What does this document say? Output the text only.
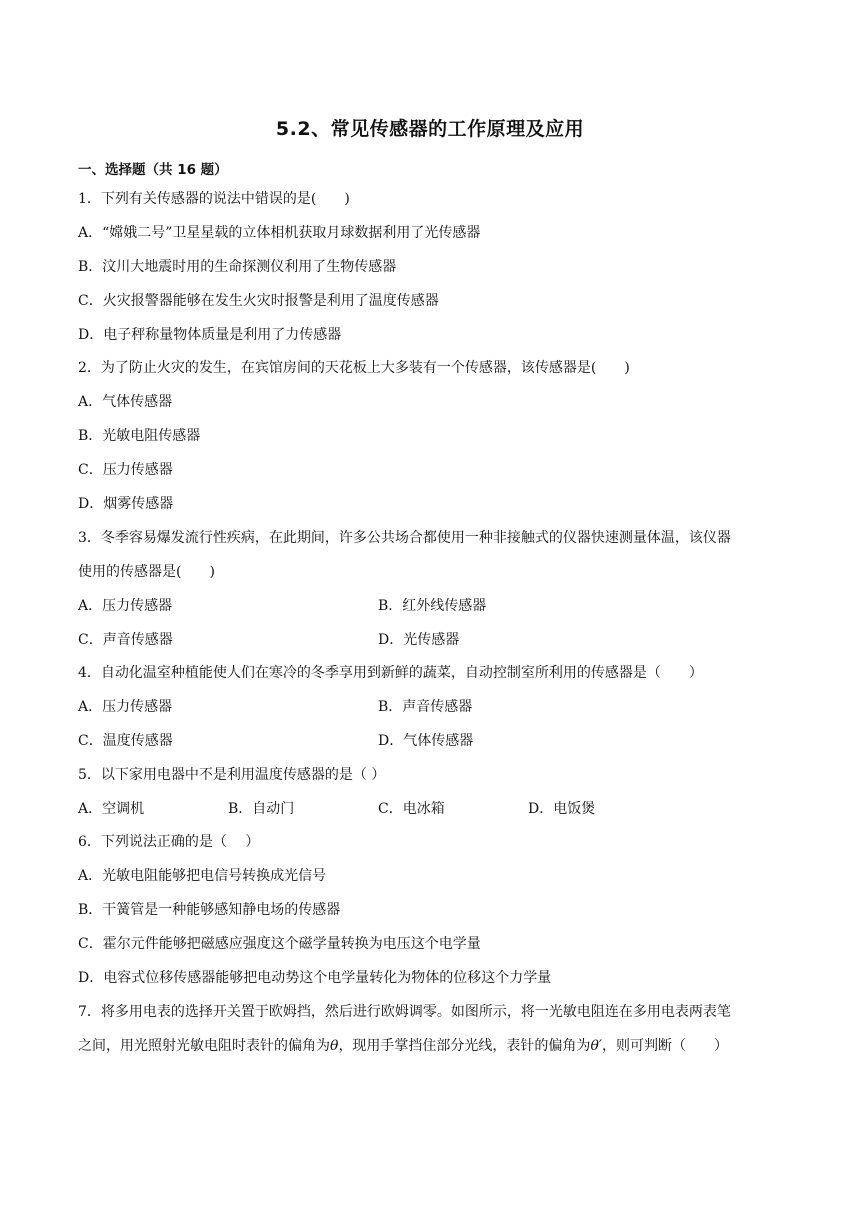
5.2、常见传感器的工作原理及应用
一、选择题（共 16 题）
1．下列有关传感器的说法中错误的是(　　)
A．“嫦娥二号”卫星星载的立体相机获取月球数据利用了光传感器
B．汶川大地震时用的生命探测仪利用了生物传感器
C．火灾报警器能够在发生火灾时报警是利用了温度传感器
D．电子秤称量物体质量是利用了力传感器
2．为了防止火灾的发生，在宾馆房间的天花板上大多装有一个传感器，该传感器是(　　)
A．气体传感器
B．光敏电阻传感器
C．压力传感器
D．烟雾传感器
3．冬季容易爆发流行性疾病，在此期间，许多公共场合都使用一种非接触式的仪器快速测量体温，该仪器
使用的传感器是(　　)
A．压力传感器	B．红外线传感器
C．声音传感器	D．光传感器
4．自动化温室种植能使人们在寒冷的冬季享用到新鲜的蔬菜，自动控制室所利用的传感器是（　　）
A．压力传感器	B．声音传感器
C．温度传感器	D．气体传感器
5．以下家用电器中不是利用温度传感器的是（ ）
A．空调机	B．自动门	C．电冰箱	D．电饭煲
6．下列说法正确的是（　 ）
A．光敏电阻能够把电信号转换成光信号
B．干簧管是一种能够感知静电场的传感器
C．霍尔元件能够把磁感应强度这个磁学量转换为电压这个电学量
D．电容式位移传感器能够把电动势这个电学量转化为物体的位移这个力学量
7．将多用电表的选择开关置于欧姆挡，然后进行欧姆调零。如图所示，将一光敏电阻连在多用电表两表笔
之间，用光照射光敏电阻时表针的偏角为θ，现用手掌挡住部分光线，表针的偏角为θ′，则可判断（　　）
